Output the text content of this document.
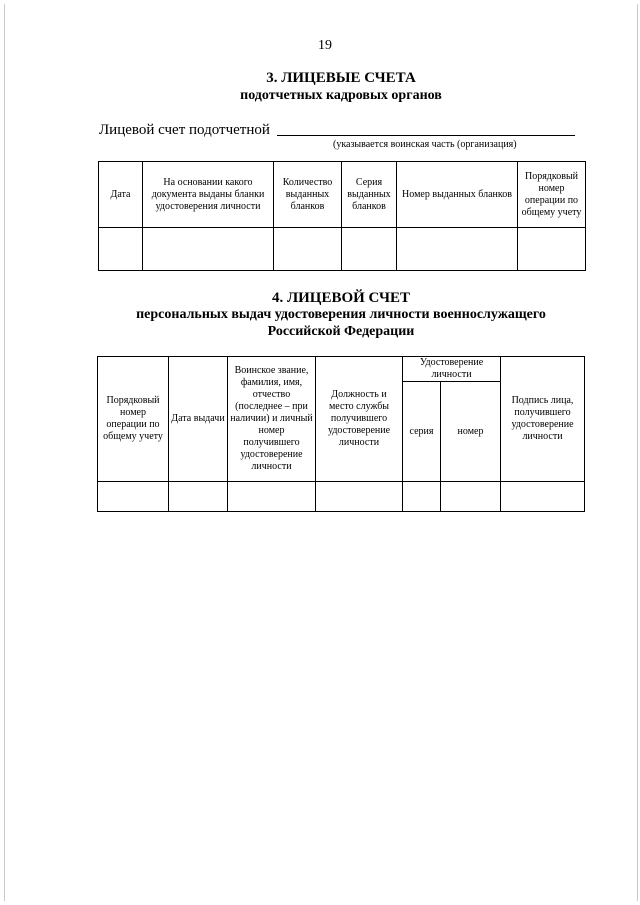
19
3. ЛИЦЕВЫЕ СЧЕТА
подотчетных кадровых органов
Лицевой счет подотчетной
(указывается воинская часть (организация)
Дата	На основании какого документа выданы бланки удостоверения личности	Количество выданных бланков	Серия выданных бланков	Номер выданных бланков	Порядковый номер операции по общему учету

4. ЛИЦЕВОЙ СЧЕТ
персональных выдач удостоверения личности военнослужащего
Российской Федерации
Порядковый номер операции по общему учету	Дата выдачи	Воинское звание, фамилия, имя, отчество (последнее – при наличии) и личный номер получившего удостоверение личности	Должность и место службы получившего удостоверение личности	Удостоверение личности		Подпись лица, получившего удостоверение личности
				серия	номер	
